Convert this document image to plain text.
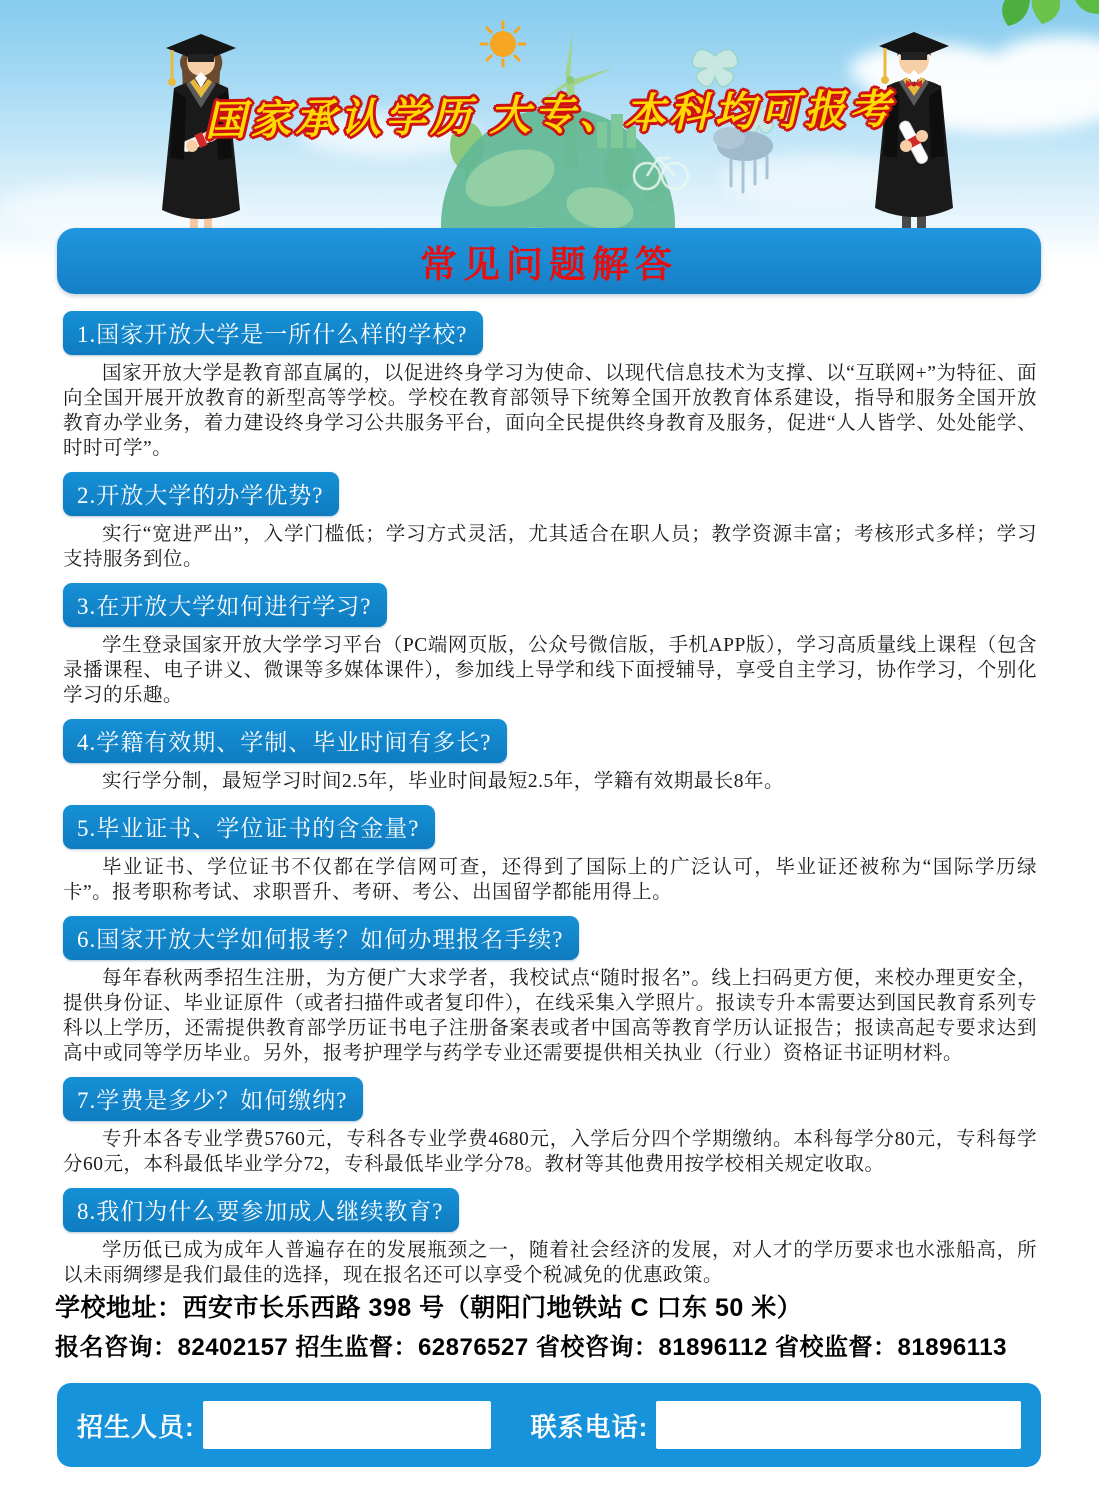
国家承认学历 大专、本科均可报考
常见问题解答
1.国家开放大学是一所什么样的学校?

国家开放大学是教育部直属的，以促进终身学习为使命、以现代信息技术为支撑、以“互联网+”为特征、面向全国开展开放教育的新型高等学校。学校在教育部领导下统筹全国开放教育体系建设，指导和服务全国开放教育办学业务，着力建设终身学习公共服务平台，面向全民提供终身教育及服务，促进“人人皆学、处处能学、时时可学”。

2.开放大学的办学优势?

实行“宽进严出”，入学门槛低；学习方式灵活，尤其适合在职人员；教学资源丰富；考核形式多样；学习支持服务到位。

3.在开放大学如何进行学习?

学生登录国家开放大学学习平台（PC端网页版，公众号微信版，手机APP版），学习高质量线上课程（包含录播课程、电子讲义、微课等多媒体课件），参加线上导学和线下面授辅导，享受自主学习，协作学习，个别化学习的乐趣。

4.学籍有效期、学制、毕业时间有多长?

实行学分制，最短学习时间2.5年，毕业时间最短2.5年，学籍有效期最长8年。

5.毕业证书、学位证书的含金量?

毕业证书、学位证书不仅都在学信网可查，还得到了国际上的广泛认可，毕业证还被称为“国际学历绿卡”。报考职称考试、求职晋升、考研、考公、出国留学都能用得上。

6.国家开放大学如何报考？如何办理报名手续?

每年春秋两季招生注册，为方便广大求学者，我校试点“随时报名”。线上扫码更方便，来校办理更安全，提供身份证、毕业证原件（或者扫描件或者复印件），在线采集入学照片。报读专升本需要达到国民教育系列专科以上学历，还需提供教育部学历证书电子注册备案表或者中国高等教育学历认证报告；报读高起专要求达到高中或同等学历毕业。另外，报考护理学与药学专业还需要提供相关执业（行业）资格证书证明材料。

7.学费是多少？如何缴纳?

专升本各专业学费5760元，专科各专业学费4680元，入学后分四个学期缴纳。本科每学分80元，专科每学分60元，本科最低毕业学分72，专科最低毕业学分78。教材等其他费用按学校相关规定收取。

8.我们为什么要参加成人继续教育?

学历低已成为成年人普遍存在的发展瓶颈之一，随着社会经济的发展，对人才的学历要求也水涨船高，所以未雨绸缪是我们最佳的选择，现在报名还可以享受个税减免的优惠政策。

学校地址：西安市长乐西路 398 号（朝阳门地铁站 C 口东 50 米）
报名咨询：82402157 招生监督：62876527 省校咨询：81896112 省校监督：81896113
招生人员:	联系电话:
